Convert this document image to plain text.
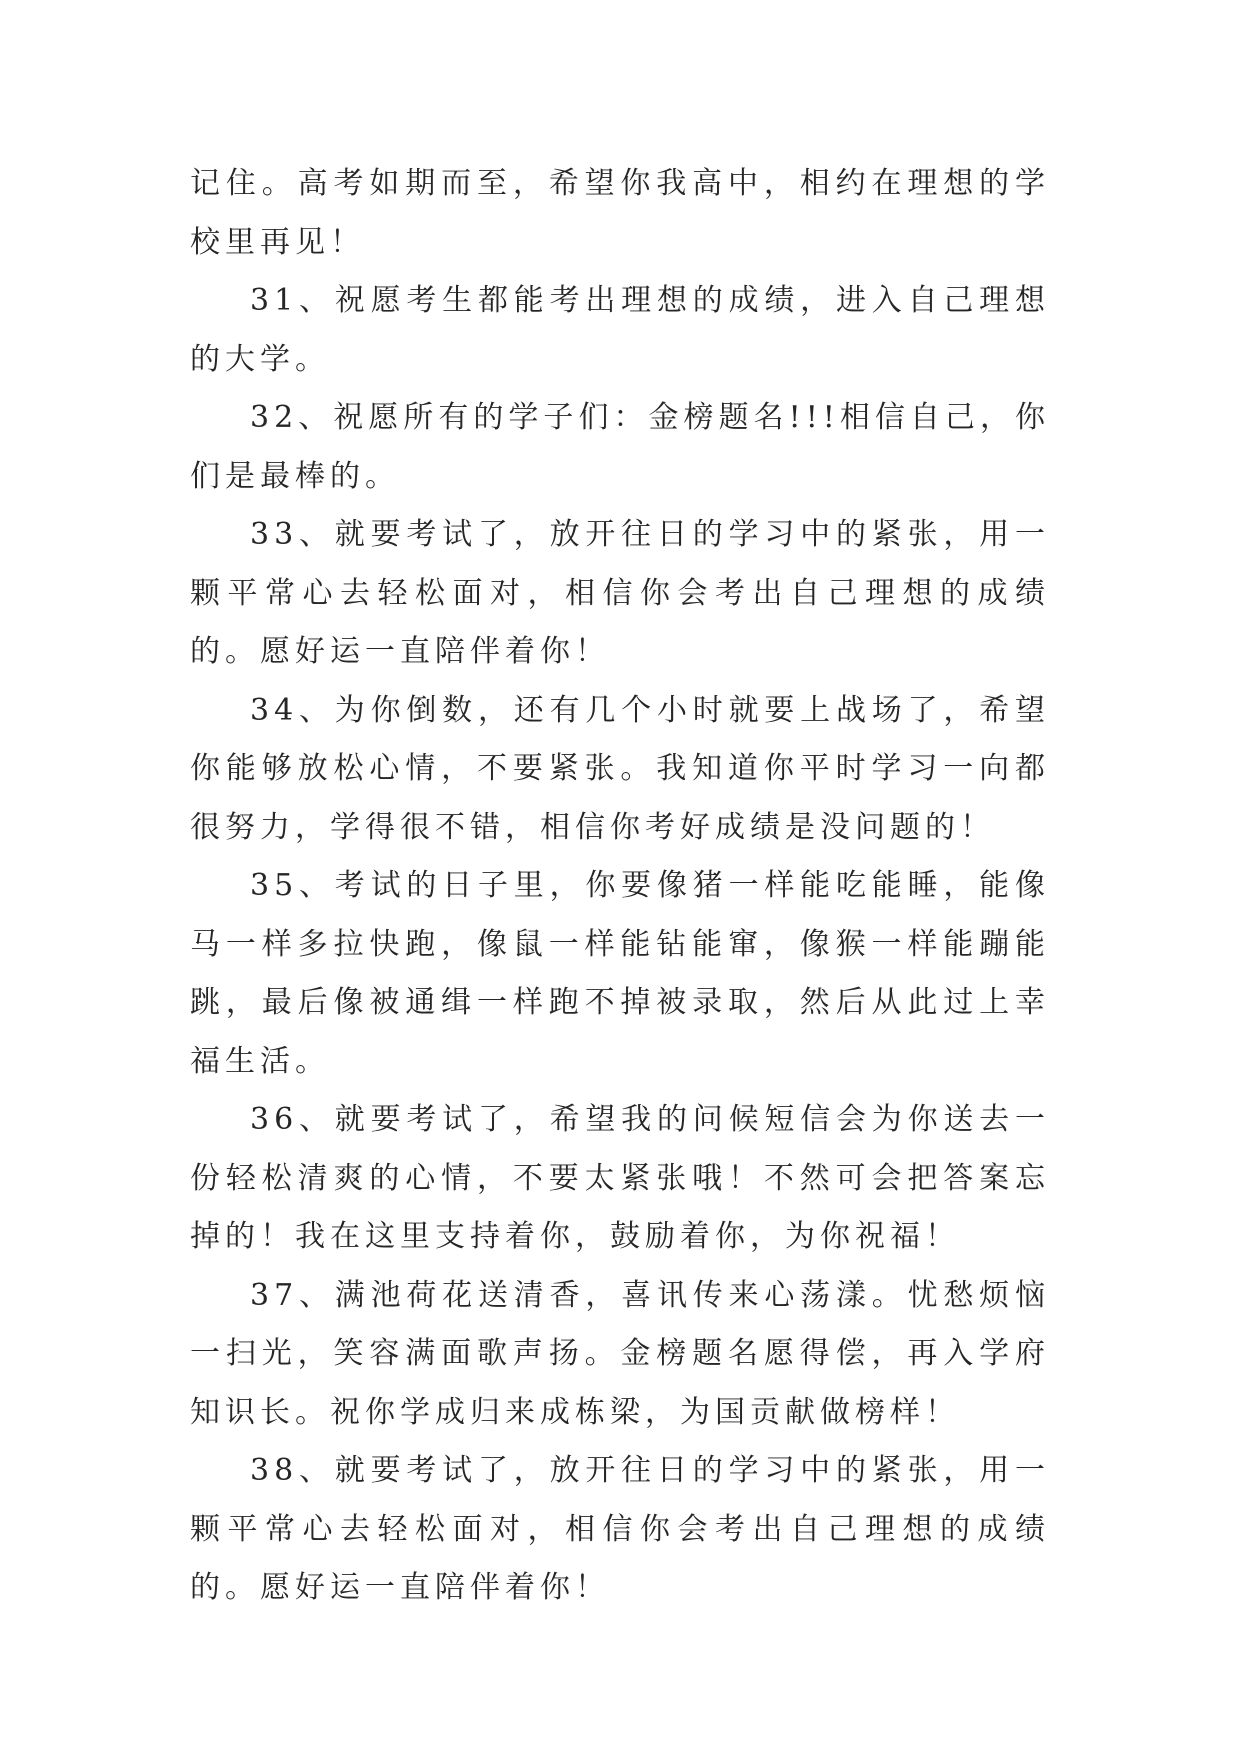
记住。高考如期而至，希望你我高中，相约在理想的学校里再见！

31、祝愿考生都能考出理想的成绩，进入自己理想的大学。

32、祝愿所有的学子们：金榜题名!!!相信自己，你们是最棒的。

33、就要考试了，放开往日的学习中的紧张，用一颗平常心去轻松面对，相信你会考出自己理想的成绩的。愿好运一直陪伴着你！

34、为你倒数，还有几个小时就要上战场了，希望你能够放松心情，不要紧张。我知道你平时学习一向都很努力，学得很不错，相信你考好成绩是没问题的！

35、考试的日子里，你要像猪一样能吃能睡，能像马一样多拉快跑，像鼠一样能钻能窜，像猴一样能蹦能跳，最后像被通缉一样跑不掉被录取，然后从此过上幸福生活。

36、就要考试了，希望我的问候短信会为你送去一份轻松清爽的心情，不要太紧张哦！不然可会把答案忘掉的！我在这里支持着你，鼓励着你，为你祝福！

37、满池荷花送清香，喜讯传来心荡漾。忧愁烦恼一扫光，笑容满面歌声扬。金榜题名愿得偿，再入学府知识长。祝你学成归来成栋梁，为国贡献做榜样！

38、就要考试了，放开往日的学习中的紧张，用一颗平常心去轻松面对，相信你会考出自己理想的成绩的。愿好运一直陪伴着你！
